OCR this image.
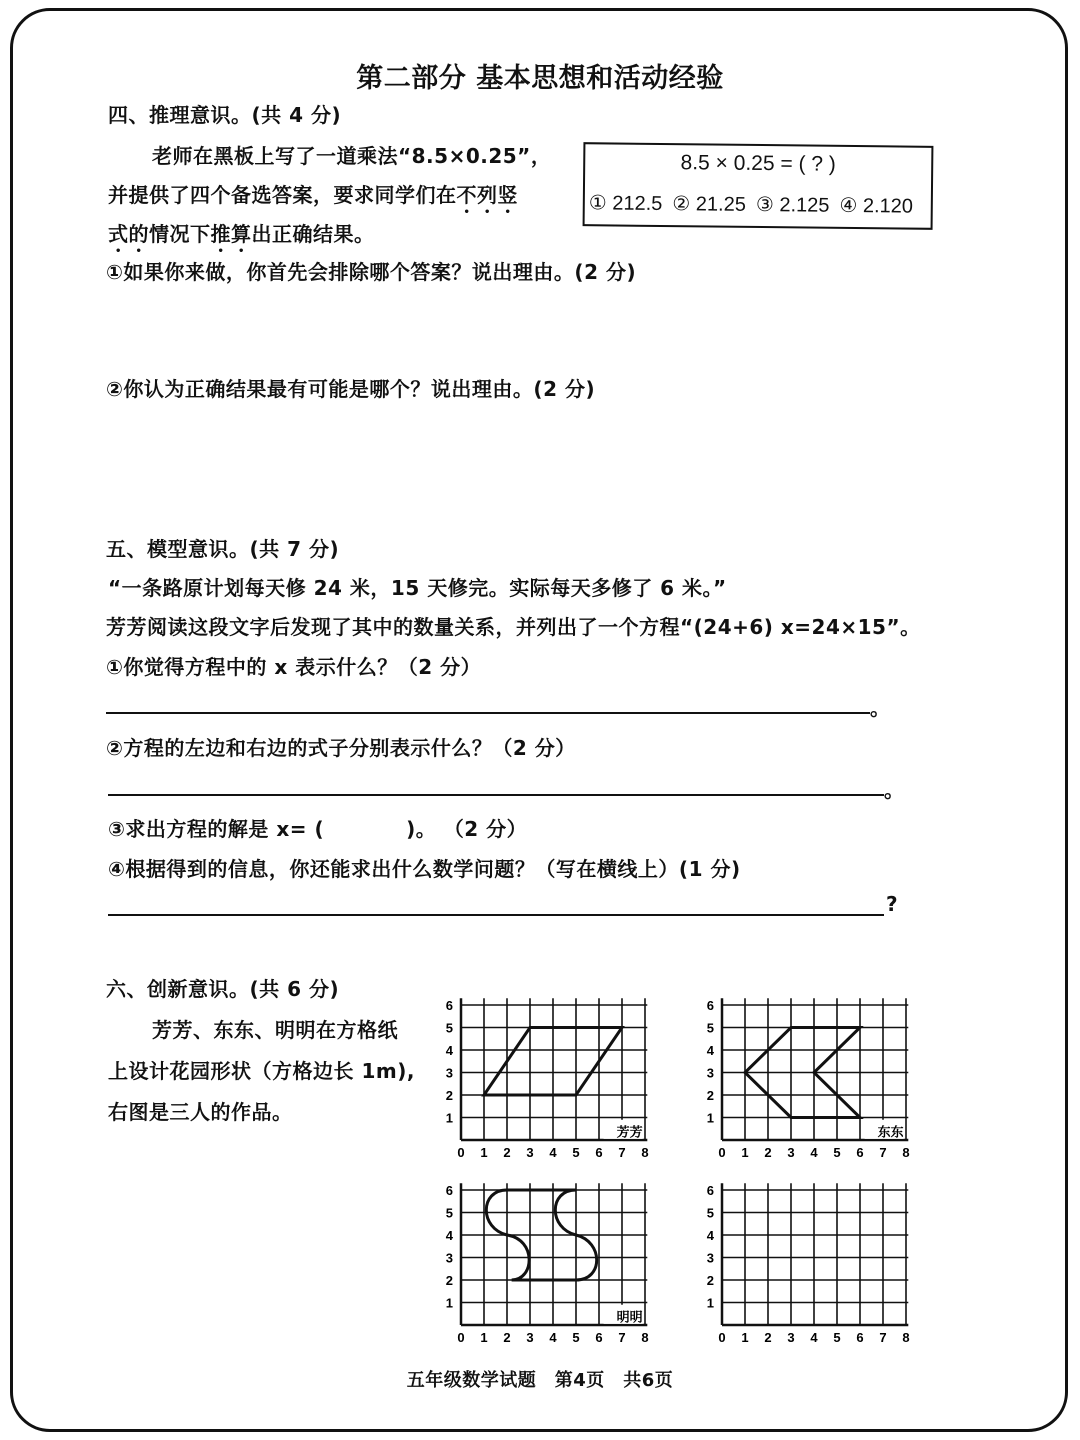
第二部分 基本思想和活动经验
四、推理意识。(共 4 分)
老师在黑板上写了一道乘法“8.5×0.25”，
并提供了四个备选答案，要求同学们在不列竖
式的情况下推算出正确结果。
8.5 × 0.25 = ( ? )
① 212.5 ② 21.25 ③ 2.125 ④ 2.120
①如果你来做，你首先会排除哪个答案？说出理由。(2 分)
②你认为正确结果最有可能是哪个？说出理由。(2 分)
五、模型意识。(共 7 分)
“一条路原计划每天修 24 米，15 天修完。实际每天多修了 6 米。”
芳芳阅读这段文字后发现了其中的数量关系，并列出了一个方程“(24+6) x=24×15”。
①你觉得方程中的 x 表示什么？（2 分）
。
②方程的左边和右边的式子分别表示什么？（2 分）
。
③求出方程的解是 x= (　　　　)。 （2 分）
④根据得到的信息，你还能求出什么数学问题？（写在横线上）(1 分)
?
六、创新意识。(共 6 分)
芳芳、东东、明明在方格纸
上设计花园形状（方格边长 1m),
右图是三人的作品。
0 1 2 3 4 5 6 7 8
1
2
3
4
5
6
芳芳
0 1 2 3 4 5 6 7 8
1
2
3
4
5
6
东东
0 1 2 3 4 5 6 7 8
1
2
3
4
5
6
明明
0 1 2 3 4 5 6 7 8
1
2
3
4
5
6
五年级数学试题　第4页　共6页
